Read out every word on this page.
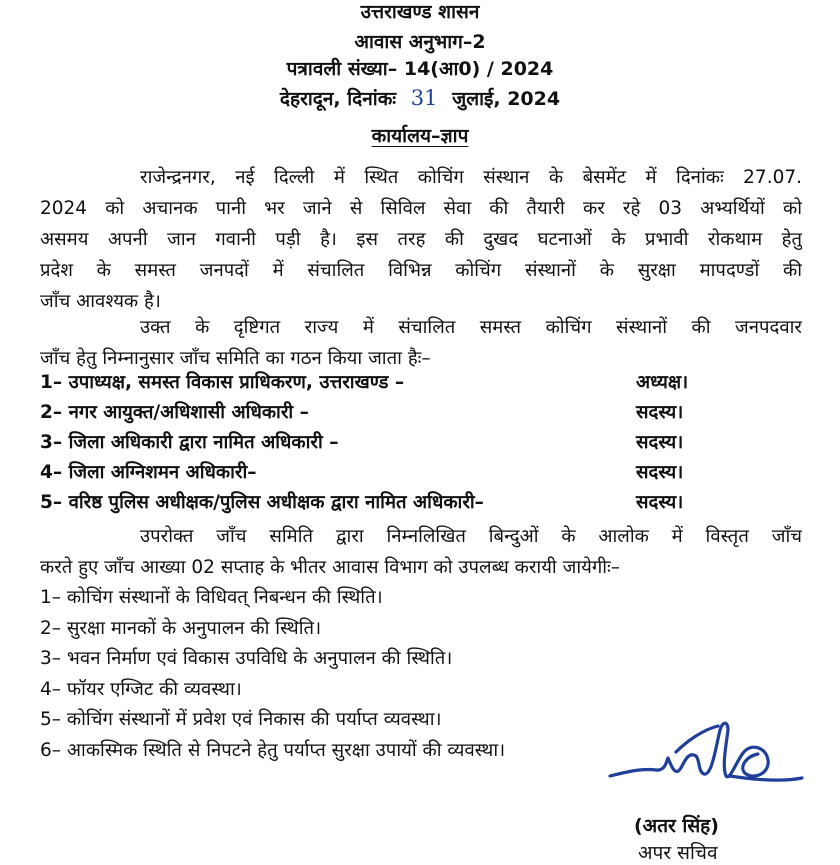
उत्तराखण्ड शासन
आवास अनुभाग–2
पत्रावली संख्या– 14(आ0) / 2024
देहरादून, दिनांकः 31 जुलाई, 2024
कार्यालय–ज्ञाप
राजेन्द्रनगर, नई दिल्ली में स्थित कोचिंग संस्थान के बेसमेंट में दिनांकः 27.07.
2024 को अचानक पानी भर जाने से सिविल सेवा की तैयारी कर रहे 03 अभ्यर्थियों को
असमय अपनी जान गवानी पड़ी है। इस तरह की दुखद घटनाओं के प्रभावी रोकथाम हेतु
प्रदेश के समस्त जनपदों में संचालित विभिन्न कोचिंग संस्थानों के सुरक्षा मापदण्डों की
जाँच आवश्यक है।
उक्त के दृष्टिगत राज्य में संचालित समस्त कोचिंग संस्थानों की जनपदवार
जाँच हेतु निम्नानुसार जाँच समिति का गठन किया जाता हैः–
1– उपाध्यक्ष, समस्त विकास प्राधिकरण, उत्तराखण्ड –	अध्यक्ष।
2– नगर आयुक्त/अधिशासी अधिकारी –	सदस्य।
3– जिला अधिकारी द्वारा नामित अधिकारी –	सदस्य।
4– जिला अग्निशमन अधिकारी–	सदस्य।
5– वरिष्ठ पुलिस अधीक्षक/पुलिस अधीक्षक द्वारा नामित अधिकारी–	सदस्य।
उपरोक्त जाँच समिति द्वारा निम्नलिखित बिन्दुओं के आलोक में विस्तृत जाँच
करते हुए जाँच आख्या 02 सप्ताह के भीतर आवास विभाग को उपलब्ध करायी जायेगीः–
1– कोचिंग संस्थानों के विधिवत् निबन्धन की स्थिति।
2– सुरक्षा मानकों के अनुपालन की स्थिति।
3– भवन निर्माण एवं विकास उपविधि के अनुपालन की स्थिति।
4– फॉयर एग्जिट की व्यवस्था।
5– कोचिंग संस्थानों में प्रवेश एवं निकास की पर्याप्त व्यवस्था।
6– आकस्मिक स्थिति से निपटने हेतु पर्याप्त सुरक्षा उपायों की व्यवस्था।
(अतर सिंह)
अपर सचिव
